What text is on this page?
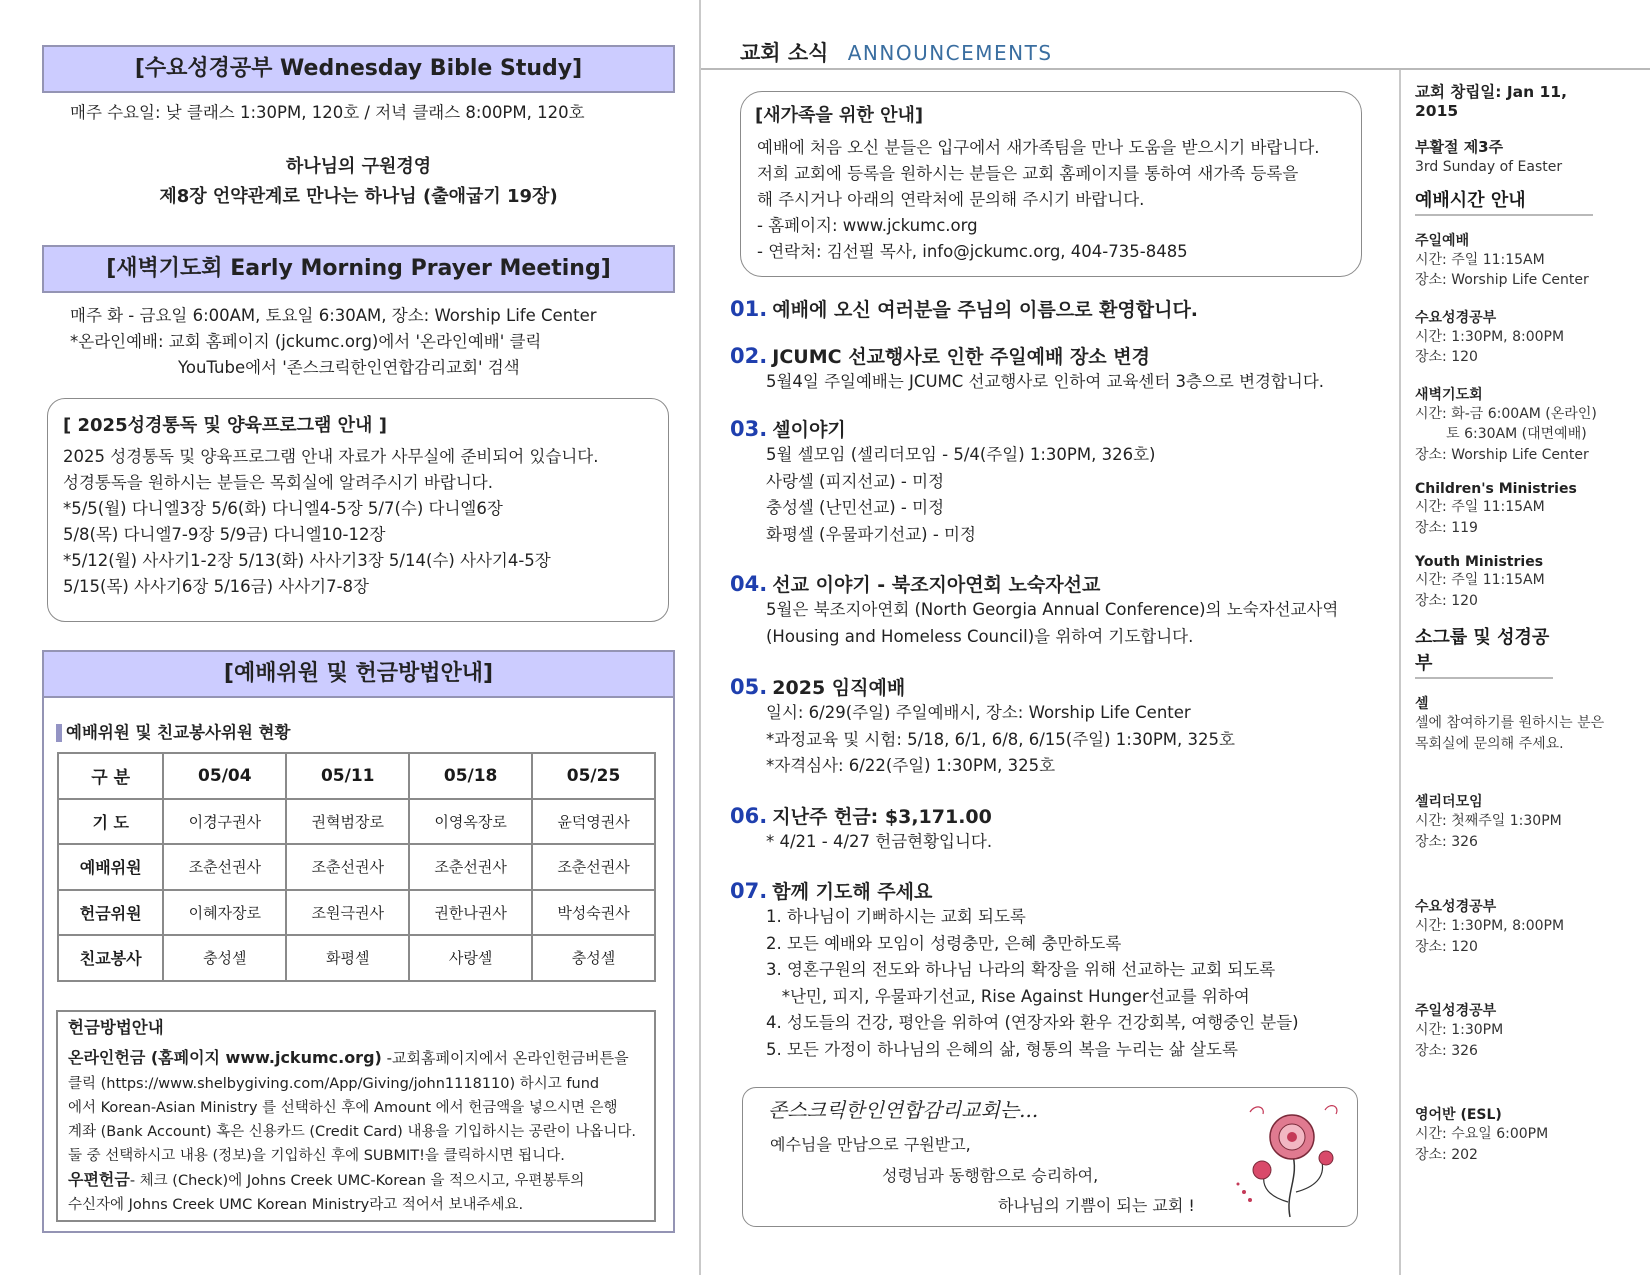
[수요성경공부 Wednesday Bible Study]
매주 수요일: 낮 클래스 1:30PM, 120호 / 저녁 클래스 8:00PM, 120호
하나님의 구원경영
제8장 언약관계로 만나는 하나님 (출애굽기 19장)
[새벽기도회 Early Morning Prayer Meeting]
매주 화 - 금요일 6:00AM, 토요일 6:30AM, 장소: Worship Life Center
*온라인예배: 교회 홈페이지 (jckumc.org)에서 '온라인예배' 클릭
YouTube에서 '존스크릭한인연합감리교회' 검색
[ 2025성경통독 및 양육프로그램 안내 ]
2025 성경통독 및 양육프로그램 안내 자료가 사무실에 준비되어 있습니다.
성경통독을 원하시는 분들은 목회실에 알려주시기 바랍니다.
*5/5(월) 다니엘3장 5/6(화) 다니엘4-5장 5/7(수) 다니엘6장
5/8(목) 다니엘7-9장 5/9금) 다니엘10-12장
*5/12(월) 사사기1-2장 5/13(화) 사사기3장 5/14(수) 사사기4-5장
5/15(목) 사사기6장 5/16금) 사사기7-8장
[예배위원 및 헌금방법안내]
예배위원 및 친교봉사위원 현황
구 분	05/04	05/11	05/18	05/25
기 도	이경구권사	권혁범장로	이영옥장로	윤덕영권사
예배위원	조춘선권사	조춘선권사	조춘선권사	조춘선권사
헌금위원	이혜자장로	조원극권사	권한나권사	박성숙권사
친교봉사	충성셀	화평셀	사랑셀	충성셀
헌금방법안내
온라인헌금 (홈페이지 www.jckumc.org) -교회홈페이지에서 온라인헌금버튼을
클릭 (https://www.shelbygiving.com/App/Giving/john1118110) 하시고 fund
에서 Korean-Asian Ministry 를 선택하신 후에 Amount 에서 헌금액을 넣으시면 은행
계좌 (Bank Account) 혹은 신용카드 (Credit Card) 내용을 기입하시는 공란이 나옵니다.
둘 중 선택하시고 내용 (정보)을 기입하신 후에 SUBMIT!을 클릭하시면 됩니다.
우편헌금- 체크 (Check)에 Johns Creek UMC-Korean 을 적으시고, 우편봉투의
수신자에 Johns Creek UMC Korean Ministry라고 적어서 보내주세요.
교회 소식 ANNOUNCEMENTS
[새가족을 위한 안내]
예배에 처음 오신 분들은 입구에서 새가족팀을 만나 도움을 받으시기 바랍니다.
저희 교회에 등록을 원하시는 분들은 교회 홈페이지를 통하여 새가족 등록을
해 주시거나 아래의 연락처에 문의해 주시기 바랍니다.
- 홈페이지: www.jckumc.org
- 연락처: 김선필 목사, info@jckumc.org, 404-735-8485
01. 예배에 오신 여러분을 주님의 이름으로 환영합니다.
02. JCUMC 선교행사로 인한 주일예배 장소 변경
5월4일 주일예배는 JCUMC 선교행사로 인하여 교육센터 3층으로 변경합니다.
03. 셀이야기
5월 셀모임 (셀리더모임 - 5/4(주일) 1:30PM, 326호)
사랑셀 (피지선교) - 미정
충성셀 (난민선교) - 미정
화평셀 (우물파기선교) - 미정
04. 선교 이야기 - 북조지아연회 노숙자선교
5월은 북조지아연회 (North Georgia Annual Conference)의 노숙자선교사역
(Housing and Homeless Council)을 위하여 기도합니다.
05. 2025 임직예배
일시: 6/29(주일) 주일예배시, 장소: Worship Life Center
*과정교육 및 시험: 5/18, 6/1, 6/8, 6/15(주일) 1:30PM, 325호
*자격심사: 6/22(주일) 1:30PM, 325호
06. 지난주 헌금: $3,171.00
* 4/21 - 4/27 헌금현황입니다.
07. 함께 기도해 주세요
1. 하나님이 기뻐하시는 교회 되도록
2. 모든 예배와 모임이 성령충만, 은혜 충만하도록
3. 영혼구원의 전도와 하나님 나라의 확장을 위해 선교하는 교회 되도록
*난민, 피지, 우물파기선교, Rise Against Hunger선교를 위하여
4. 성도들의 건강, 평안을 위하여 (연장자와 환우 건강회복, 여행중인 분들)
5. 모든 가정이 하나님의 은혜의 삶, 형통의 복을 누리는 삶 살도록
존스크릭한인연합감리교회는...
예수님을 만남으로 구원받고,
성령님과 동행함으로 승리하여,
하나님의 기쁨이 되는 교회 !
교회 창립일: Jan 11, 2015
부활절 제3주
3rd Sunday of Easter
예배시간 안내
주일예배
시간: 주일 11:15AM
장소: Worship Life Center
수요성경공부
시간: 1:30PM, 8:00PM
장소: 120
새벽기도회
시간: 화-금 6:00AM (온라인)
토 6:30AM (대면예배)
장소: Worship Life Center
Children's Ministries
시간: 주일 11:15AM
장소: 119
Youth Ministries
시간: 주일 11:15AM
장소: 120
소그룹 및 성경공부
셀
셀에 참여하기를 원하시는 분은
목회실에 문의해 주세요.
셀리더모임
시간: 첫째주일 1:30PM
장소: 326
수요성경공부
시간: 1:30PM, 8:00PM
장소: 120
주일성경공부
시간: 1:30PM
장소: 326
영어반 (ESL)
시간: 수요일 6:00PM
장소: 202
